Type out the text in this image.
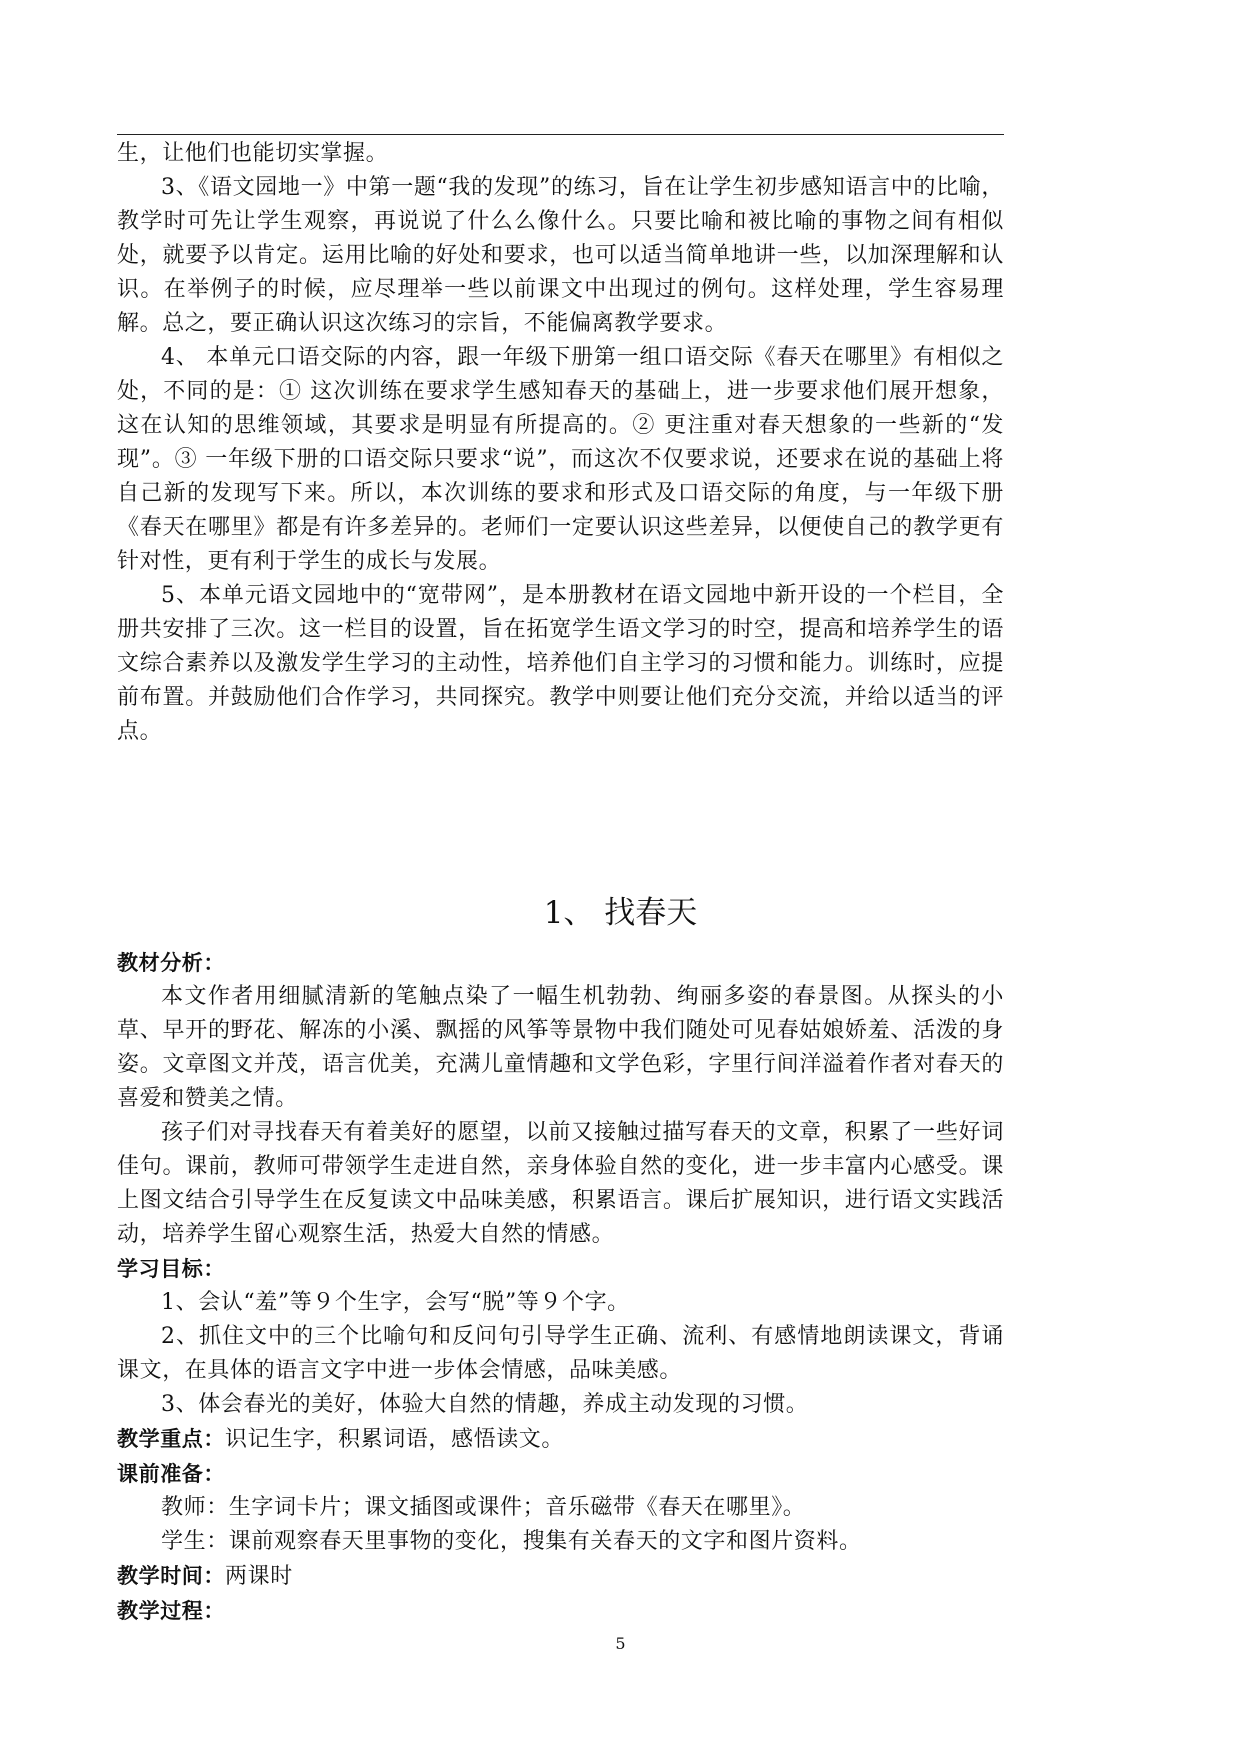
生，让他们也能切实掌握。

3、《语文园地一》中第一题“我的发现”的练习，旨在让学生初步感知语言中的比喻，教学时可先让学生观察，再说说了什么么像什么。只要比喻和被比喻的事物之间有相似处，就要予以肯定。运用比喻的好处和要求，也可以适当简单地讲一些，以加深理解和认识。在举例子的时候，应尽理举一些以前课文中出现过的例句。这样处理，学生容易理解。总之，要正确认识这次练习的宗旨，不能偏离教学要求。

4、 本单元口语交际的内容，跟一年级下册第一组口语交际《春天在哪里》有相似之处，不同的是：① 这次训练在要求学生感知春天的基础上，进一步要求他们展开想象，这在认知的思维领域，其要求是明显有所提高的。② 更注重对春天想象的一些新的“发现”。③ 一年级下册的口语交际只要求“说”，而这次不仅要求说，还要求在说的基础上将自己新的发现写下来。所以，本次训练的要求和形式及口语交际的角度，与一年级下册《春天在哪里》都是有许多差异的。老师们一定要认识这些差异，以便使自己的教学更有针对性，更有利于学生的成长与发展。

5、本单元语文园地中的“宽带网”，是本册教材在语文园地中新开设的一个栏目，全册共安排了三次。这一栏目的设置，旨在拓宽学生语文学习的时空，提高和培养学生的语文综合素养以及激发学生学习的主动性，培养他们自主学习的习惯和能力。训练时，应提前布置。并鼓励他们合作学习，共同探究。教学中则要让他们充分交流，并给以适当的评点。

1、 找春天

教材分析：

本文作者用细腻清新的笔触点染了一幅生机勃勃、绚丽多姿的春景图。从探头的小草、早开的野花、解冻的小溪、飘摇的风筝等景物中我们随处可见春姑娘娇羞、活泼的身姿。文章图文并茂，语言优美，充满儿童情趣和文学色彩，字里行间洋溢着作者对春天的喜爱和赞美之情。

孩子们对寻找春天有着美好的愿望，以前又接触过描写春天的文章，积累了一些好词佳句。课前，教师可带领学生走进自然，亲身体验自然的变化，进一步丰富内心感受。课上图文结合引导学生在反复读文中品味美感，积累语言。课后扩展知识，进行语文实践活动，培养学生留心观察生活，热爱大自然的情感。

学习目标：

1、会认“羞”等９个生字，会写“脱”等９个字。

2、抓住文中的三个比喻句和反问句引导学生正确、流利、有感情地朗读课文，背诵课文，在具体的语言文字中进一步体会情感，品味美感。

3、体会春光的美好，体验大自然的情趣，养成主动发现的习惯。

教学重点：识记生字，积累词语，感悟读文。

课前准备：

教师：生字词卡片；课文插图或课件；音乐磁带《春天在哪里》。

学生：课前观察春天里事物的变化，搜集有关春天的文字和图片资料。

教学时间：两课时

教学过程：

5
